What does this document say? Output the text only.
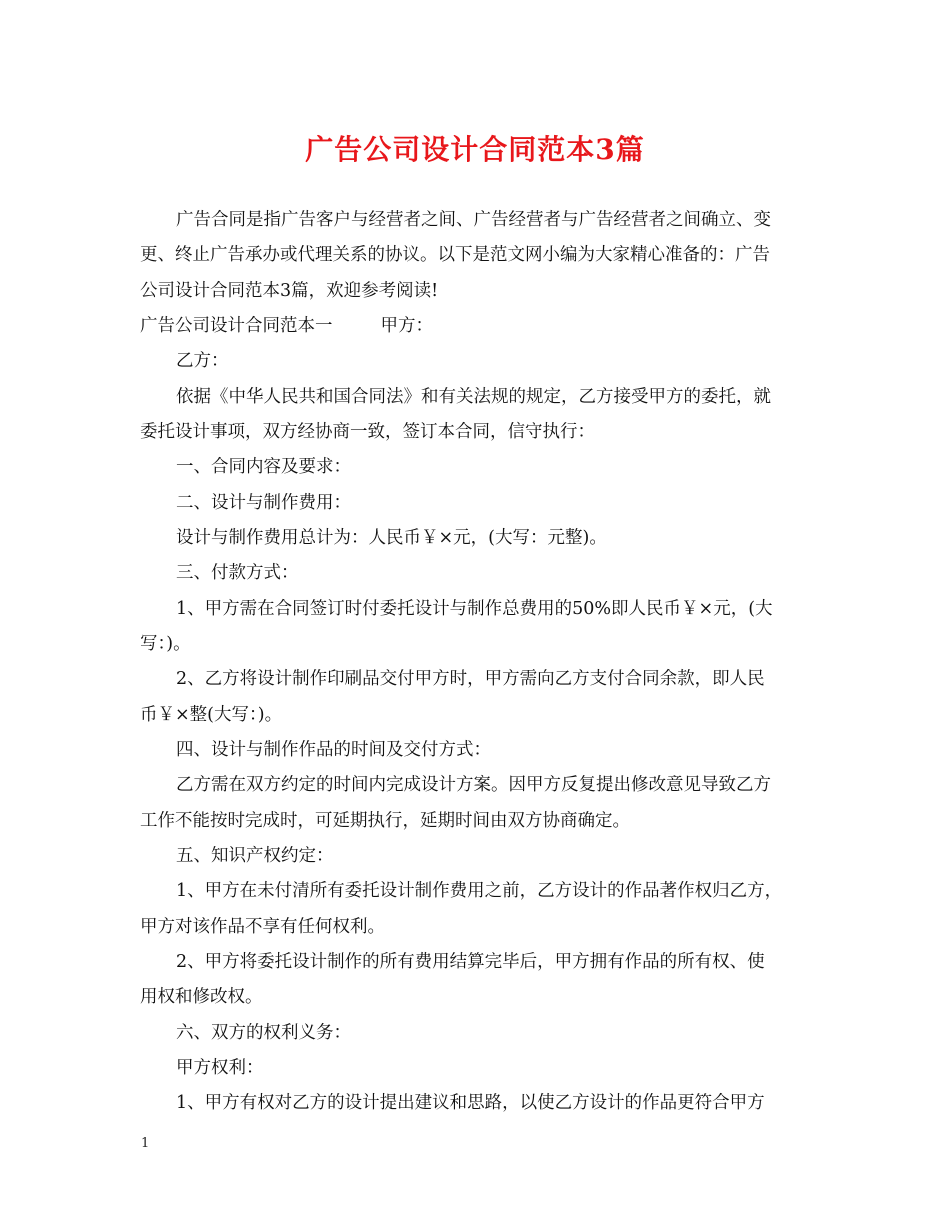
广告公司设计合同范本3篇
广告合同是指广告客户与经营者之间、广告经营者与广告经营者之间确立、变
更、终止广告承办或代理关系的协议。以下是范文网小编为大家精心准备的：广告
公司设计合同范本3篇，欢迎参考阅读!
广告公司设计合同范本一	甲方：
乙方：
依据《中华人民共和国合同法》和有关法规的规定，乙方接受甲方的委托，就
委托设计事项，双方经协商一致，签订本合同，信守执行：
一、合同内容及要求：
二、设计与制作费用：
设计与制作费用总计为：人民币￥×元，(大写：元整)。
三、付款方式：
1、甲方需在合同签订时付委托设计与制作总费用的50%即人民币￥×元，(大
写：)。
2、乙方将设计制作印刷品交付甲方时，甲方需向乙方支付合同余款，即人民
币￥×整(大写：)。
四、设计与制作作品的时间及交付方式：
乙方需在双方约定的时间内完成设计方案。因甲方反复提出修改意见导致乙方
工作不能按时完成时，可延期执行，延期时间由双方协商确定。
五、知识产权约定：
1、甲方在未付清所有委托设计制作费用之前，乙方设计的作品著作权归乙方，
甲方对该作品不享有任何权利。
2、甲方将委托设计制作的所有费用结算完毕后，甲方拥有作品的所有权、使
用权和修改权。
六、双方的权利义务：
甲方权利：
1、甲方有权对乙方的设计提出建议和思路，以使乙方设计的作品更符合甲方
1
